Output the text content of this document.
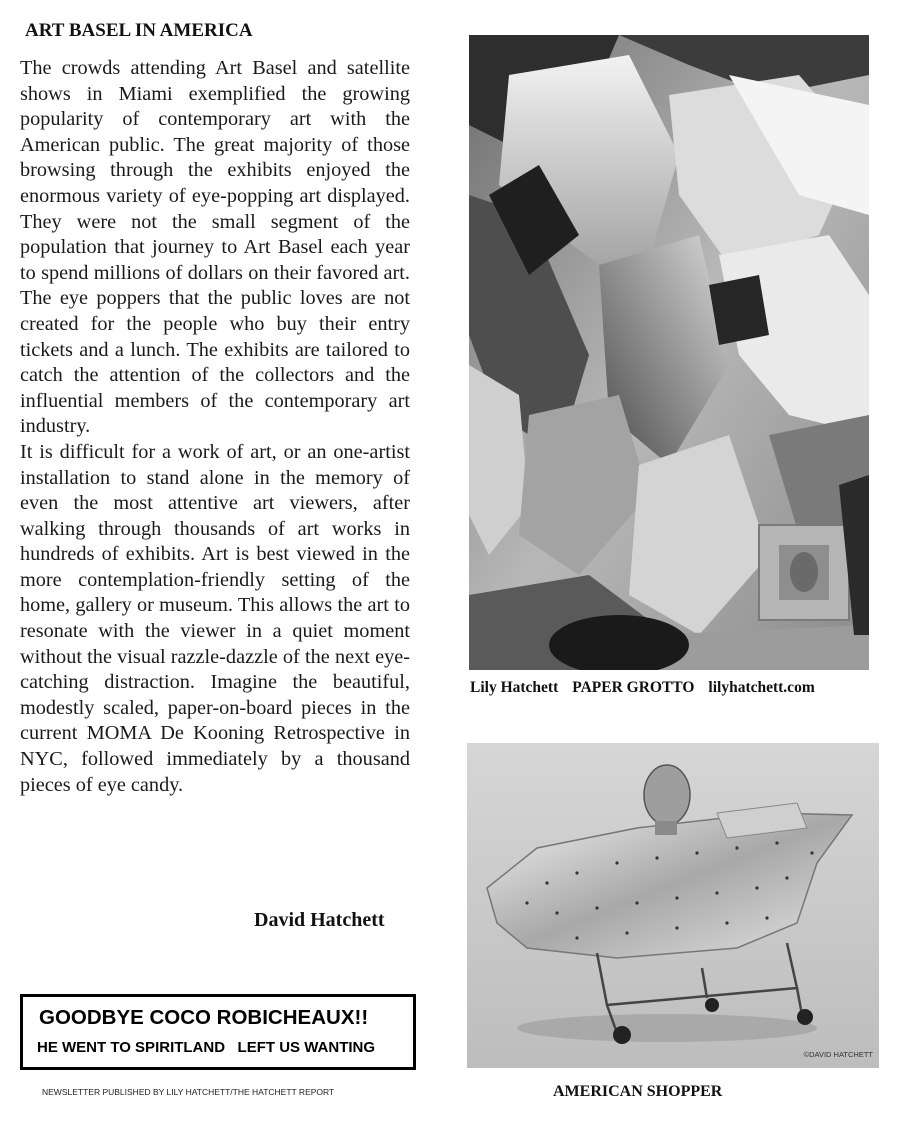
ART BASEL IN AMERICA

The crowds attending Art Basel and satellite shows in Miami exemplified the growing popularity of contemporary art with the American public. The great majority of those browsing through the exhibits enjoyed the enormous variety of eye-popping art displayed. They were not the small segment of the population that journey to Art Basel each year to spend millions of dollars on their favored art. The eye poppers that the public loves are not created for the people who buy their entry tickets and a lunch. The exhibits are tailored to catch the attention of the collectors and the influential members of the contemporary art industry.

It is difficult for a work of art, or an one-artist installation to stand alone in the memory of even the most attentive art viewers, after walking through thousands of art works in hundreds of exhibits. Art is best viewed in the more contemplation-friendly setting of the home, gallery or museum. This allows the art to resonate with the viewer in a quiet moment without the visual razzle-dazzle of the next eye-catching distraction. Imagine the beautiful, modestly scaled, paper-on-board pieces in the current MOMA De Kooning Retrospective in NYC, followed immediately by a thousand pieces of eye candy.

David Hatchett
GOODBYE COCO ROBICHEAUX!!
HE WENT TO SPIRITLAND   LEFT US WANTING
NEWSLETTER PUBLISHED BY LILY HATCHETT/THE HATCHETT REPORT
Lily Hatchett PAPER GROTTO lilyhatchett.com
©DAVID HATCHETT
AMERICAN SHOPPER
